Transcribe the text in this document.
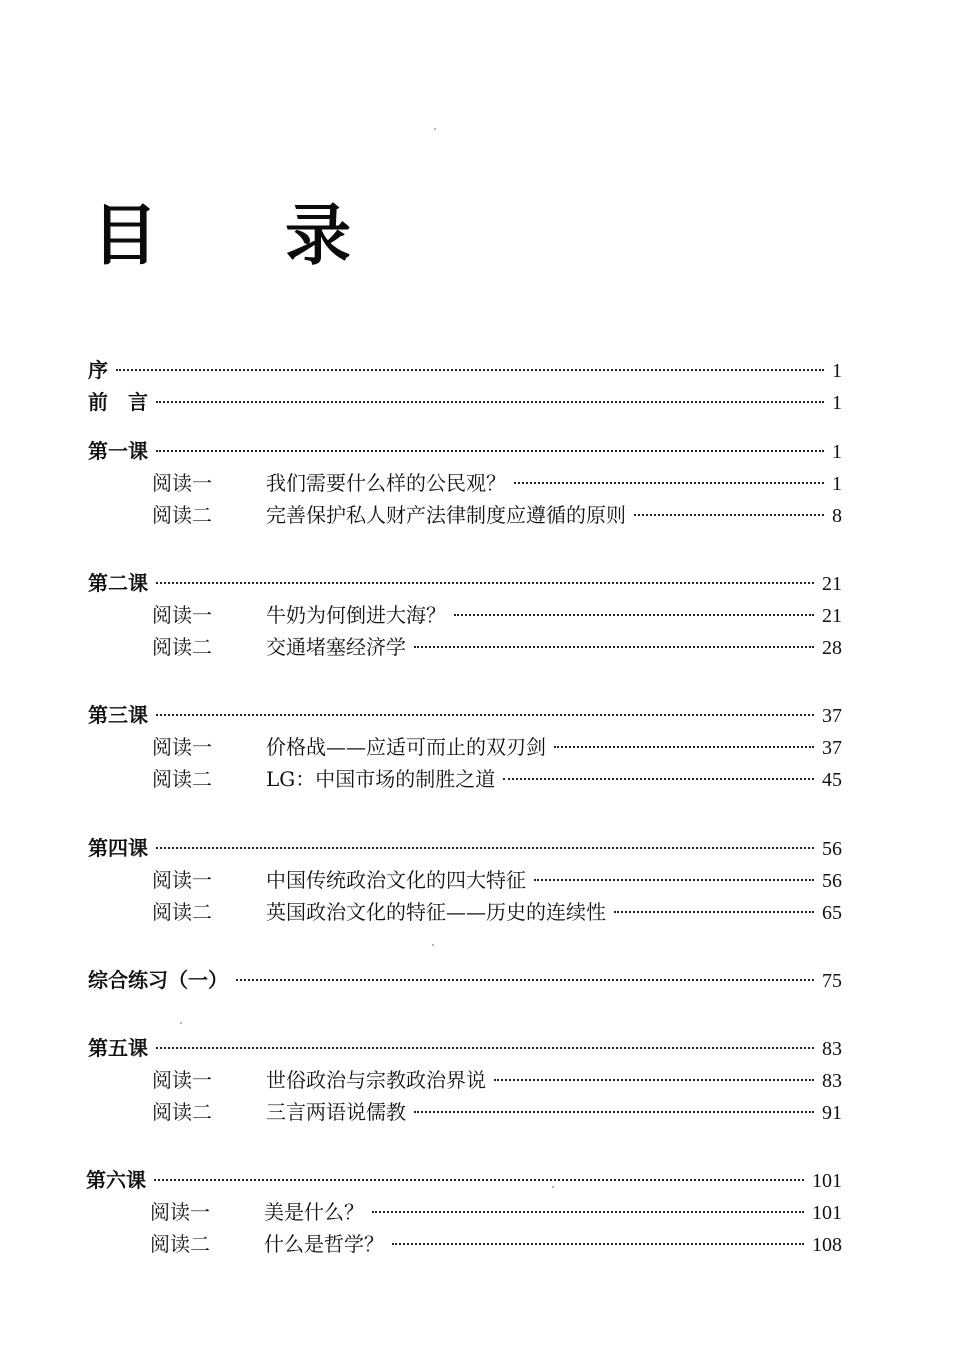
目 录
序	1
前　言	1
第一课	1
阅读一	我们需要什么样的公民观？	1
阅读二	完善保护私人财产法律制度应遵循的原则	8
第二课	21
阅读一	牛奶为何倒进大海？	21
阅读二	交通堵塞经济学	28
第三课	37
阅读一	价格战——应适可而止的双刃剑	37
阅读二	LG：中国市场的制胜之道	45
第四课	56
阅读一	中国传统政治文化的四大特征	56
阅读二	英国政治文化的特征——历史的连续性	65
综合练习（一）	75
第五课	83
阅读一	世俗政治与宗教政治界说	83
阅读二	三言两语说儒教	91
第六课	101
阅读一	美是什么？	101
阅读二	什么是哲学？	108
